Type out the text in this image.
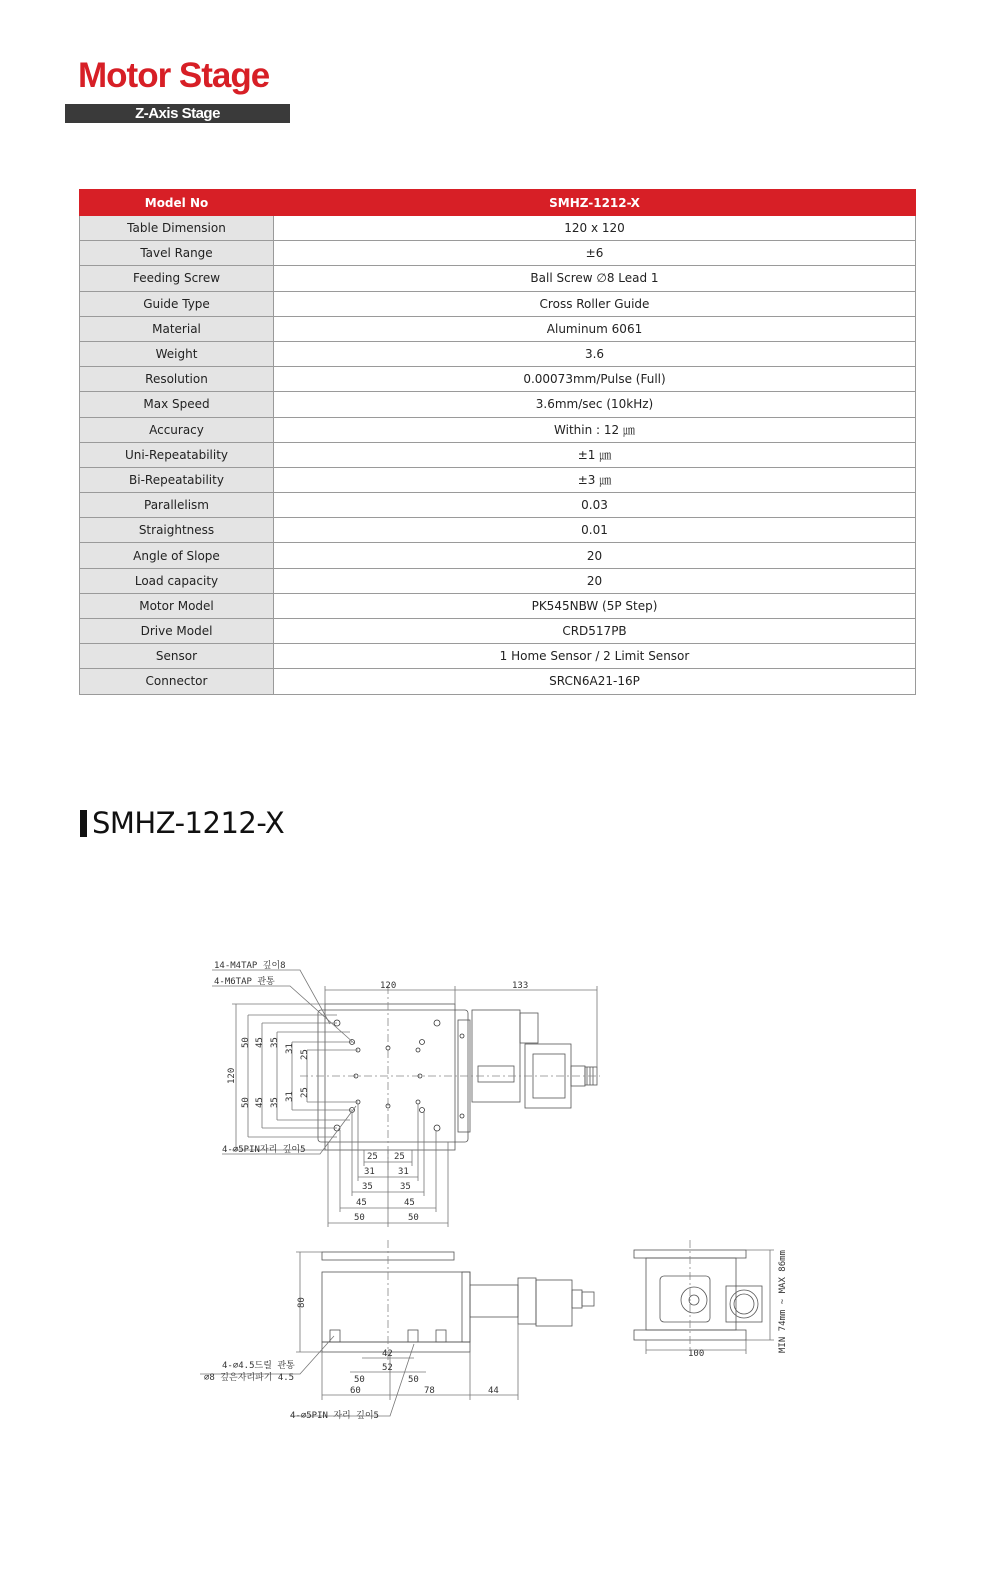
Motor Stage
Z-Axis Stage
Model No	SMHZ-1212-X
Table Dimension	120 x 120
Tavel Range	±6
Feeding Screw	Ball Screw ∅8 Lead 1
Guide Type	Cross Roller Guide
Material	Aluminum 6061
Weight	3.6
Resolution	0.00073mm/Pulse (Full)
Max Speed	3.6mm/sec (10kHz)
Accuracy	Within : 12 ㎛
Uni-Repeatability	±1 ㎛
Bi-Repeatability	±3 ㎛
Parallelism	0.03
Straightness	0.01
Angle of Slope	20
Load capacity	20
Motor Model	PK545NBW (5P Step)
Drive Model	CRD517PB
Sensor	1 Home Sensor / 2 Limit Sensor
Connector	SRCN6A21-16P
SMHZ-1212-X
14-M4TAP 깊이8
4-M6TAP 관통
4-∅5PIN자리 깊이5
120	133
120
50 45 35
31
25
25
31
35
45
50
25 25
31	31
35	35
45	45
50	50
80
42
52
50	50
60	78	44
4-∅4.5드릴 관통
∅8 깊은자리파기 4.5
4-∅5PIN 자리 깊이5
100
MIN 74mm ~ MAX 86mm
